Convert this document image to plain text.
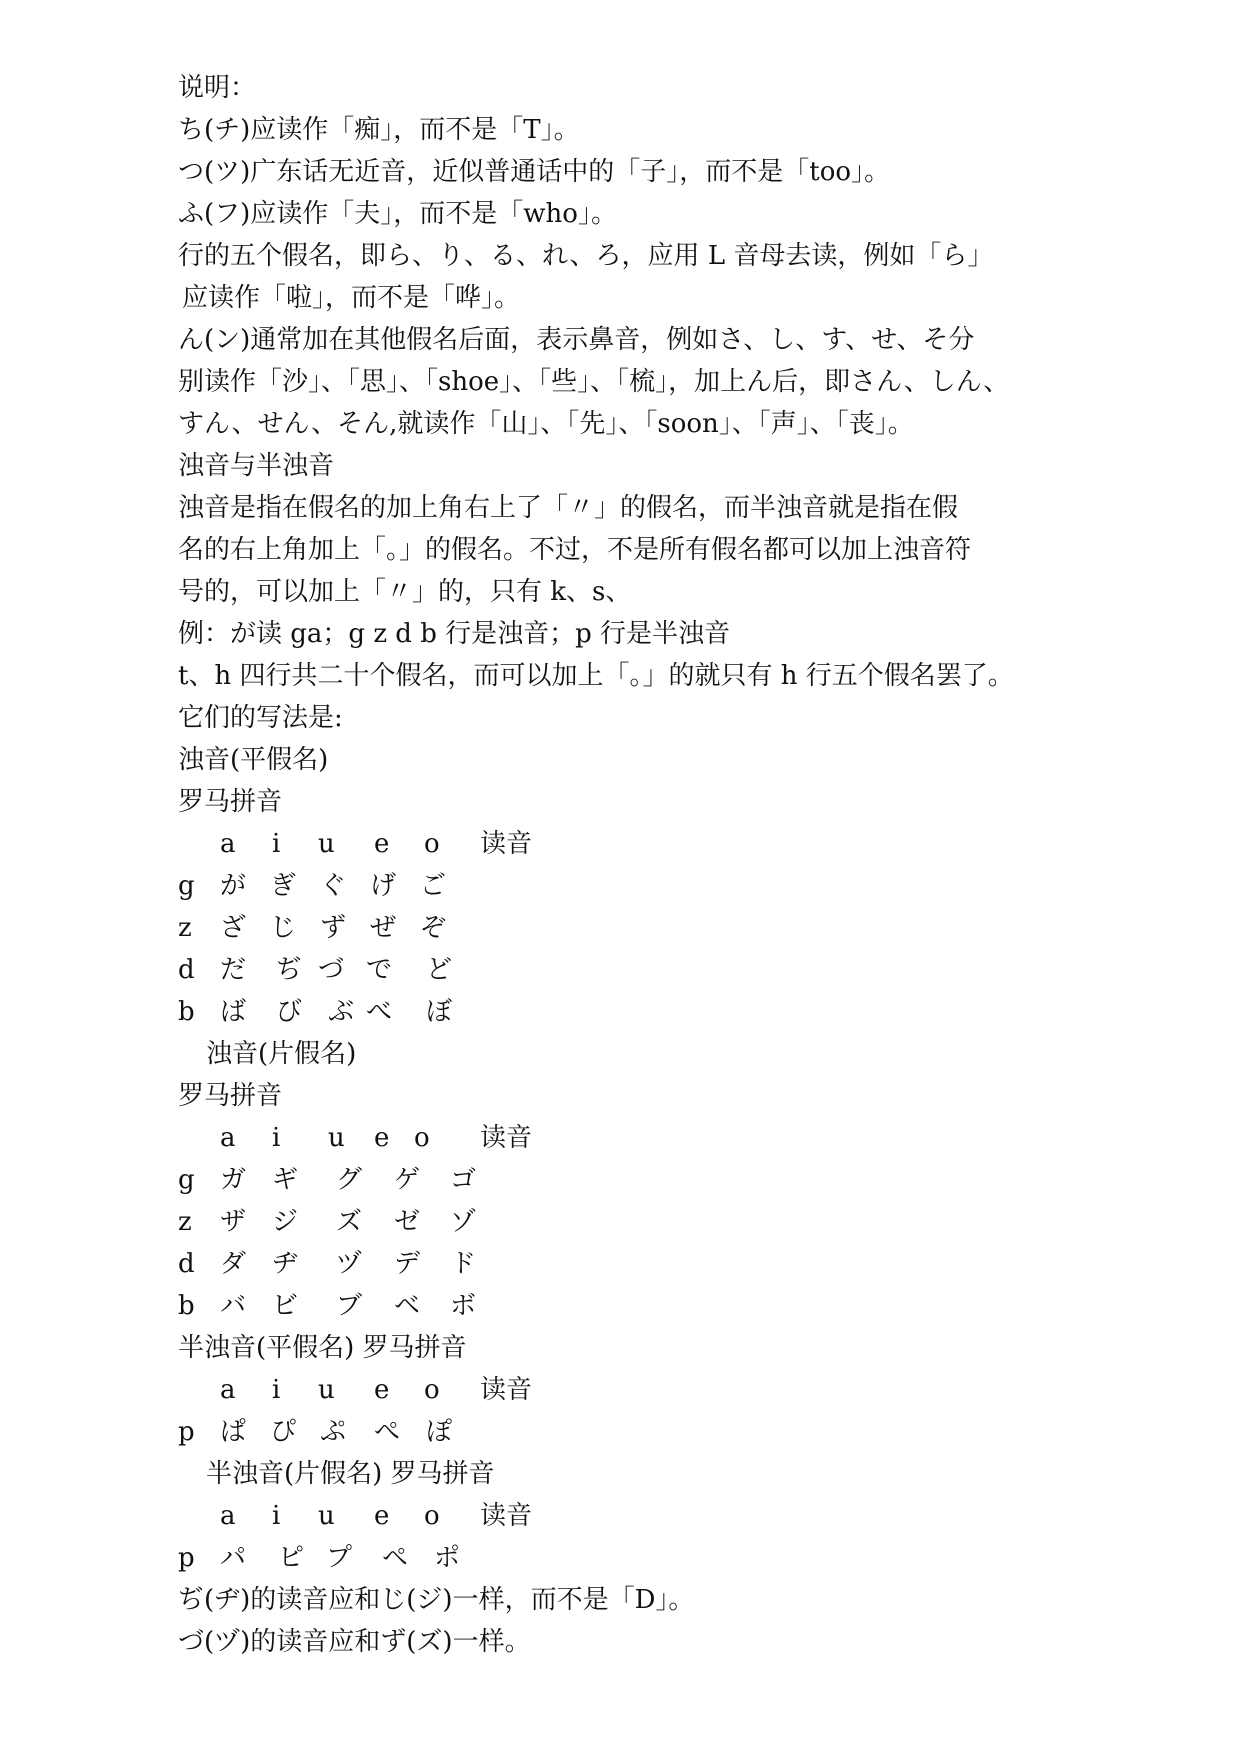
说明：
ち(チ)应读作「痴」，而不是「T」。
つ(ツ)广东话无近音，近似普通话中的「子」，而不是「too」。
ふ(フ)应读作「夫」，而不是「who」。
行的五个假名，即ら、り、る、れ、ろ，应用 L 音母去读，例如「ら」
应读作「啦」，而不是「哗」。
ん(ン)通常加在其他假名后面，表示鼻音，例如さ、し、す、せ、そ分
别读作「沙」、「思」、「shoe」、「些」、「梳」，加上ん后，即さん、しん、
すん、せん、そん,就读作「山」、「先」、「soon」、「声」、「丧」。
浊音与半浊音
浊音是指在假名的加上角右上了「〃」的假名，而半浊音就是指在假
名的右上角加上「。」的假名。不过，不是所有假名都可以加上浊音符
号的，可以加上「〃」的，只有 k、s、
例：が读 ga；g z d b 行是浊音；p 行是半浊音
t、h 四行共二十个假名，而可以加上「。」的就只有 h 行五个假名罢了。
它们的写法是:
浊音(平假名)
罗马拼音
a i u e o 读音
g が ぎ ぐ げ ご
z ざ じ ず ぜ ぞ
d だ ぢ づ で ど
b ば び ぶ べ ぼ
浊音(片假名)
罗马拼音
a i u e o 读音
g ガ ギ グ ゲ ゴ
z ザ ジ ズ ゼ ゾ
d ダ ヂ ヅ デ ド
b バ ビ ブ ベ ボ
半浊音(平假名) 罗马拼音
a i u e o 读音
p ぱ ぴ ぷ ぺ ぽ
半浊音(片假名) 罗马拼音
a i u e o 读音
p パ ピ プ ペ ポ
ぢ(ヂ)的读音应和じ(ジ)一样，而不是「D」。
づ(ヅ)的读音应和ず(ズ)一样。
